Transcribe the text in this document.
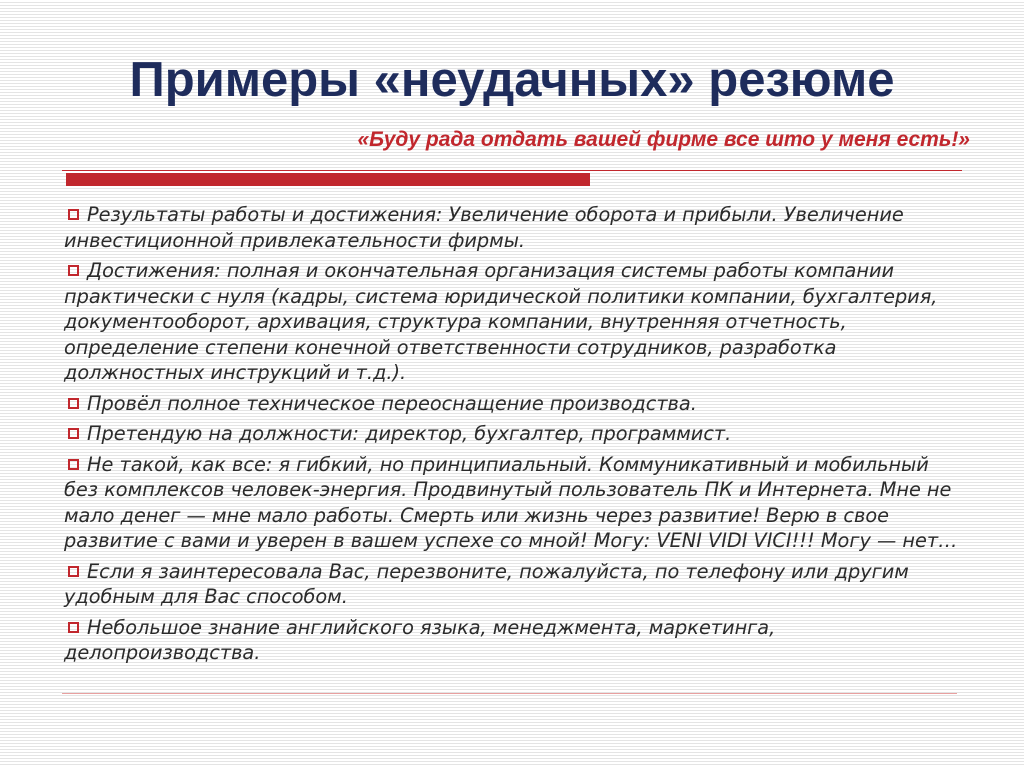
Примеры «неудачных» резюме

«Буду рада отдать вашей фирме все што у меня есть!»

Результаты работы и достижения: Увеличение оборота и прибыли. Увеличение инвестиционной привлекательности фирмы.
Достижения: полная и окончательная организация системы работы компании практически с нуля (кадры, система юридической политики компании, бухгалтерия, документооборот, архивация, структура компании, внутренняя отчетность, определение степени конечной ответственности сотрудников, разработка должностных инструкций и т.д.).
Провёл полное техническое переоснащение производства.
Претендую на должности: директор, бухгалтер, программист.
Не такой, как все: я гибкий, но принципиальный. Коммуникативный и мобильный без комплексов человек-энергия. Продвинутый пользователь ПК и Интернета. Мне не мало денег — мне мало работы. Смерть или жизнь через развитие! Верю в свое развитие с вами и уверен в вашем успехе со мной! Могу: VENI VIDI VICI!!! Могу — нет…
Если я заинтересовала Вас, перезвоните, пожалуйста, по телефону или другим удобным для Вас способом.
Небольшое знание английского языка, менеджмента, маркетинга, делопроизводства.
